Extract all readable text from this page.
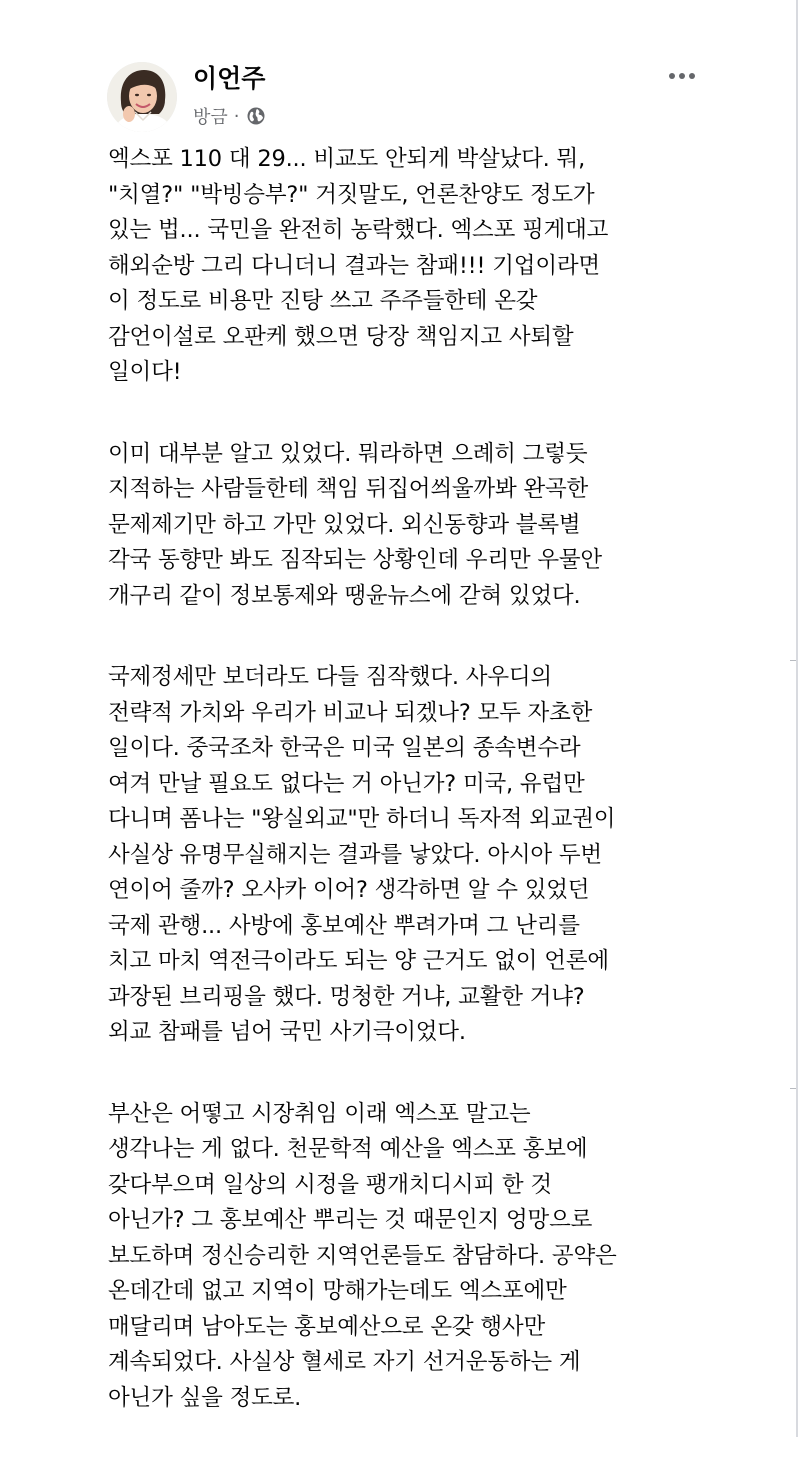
이언주
방금 ·
엑스포 110 대 29... 비교도 안되게 박살났다. 뭐,
"치열?" "박빙승부?" 거짓말도, 언론찬양도 정도가
있는 법... 국민을 완전히 농락했다. 엑스포 핑게대고
해외순방 그리 다니더니 결과는 참패!!! 기업이라면
이 정도로 비용만 진탕 쓰고 주주들한테 온갖
감언이설로 오판케 했으면 당장 책임지고 사퇴할
일이다!
이미 대부분 알고 있었다. 뭐라하면 으례히 그렇듯
지적하는 사람들한테 책임 뒤집어씌울까봐 완곡한
문제제기만 하고 가만 있었다. 외신동향과 블록별
각국 동향만 봐도 짐작되는 상황인데 우리만 우물안
개구리 같이 정보통제와 땡윤뉴스에 갇혀 있었다.
국제정세만 보더라도 다들 짐작했다. 사우디의
전략적 가치와 우리가 비교나 되겠나? 모두 자초한
일이다. 중국조차 한국은 미국 일본의 종속변수라
여겨 만날 필요도 없다는 거 아닌가? 미국, 유럽만
다니며 폼나는 "왕실외교"만 하더니 독자적 외교권이
사실상 유명무실해지는 결과를 낳았다. 아시아 두번
연이어 줄까? 오사카 이어? 생각하면 알 수 있었던
국제 관행... 사방에 홍보예산 뿌려가며 그 난리를
치고 마치 역전극이라도 되는 양 근거도 없이 언론에
과장된 브리핑을 했다. 멍청한 거냐, 교활한 거냐?
외교 참패를 넘어 국민 사기극이었다.
부산은 어떻고 시장취임 이래 엑스포 말고는
생각나는 게 없다. 천문학적 예산을 엑스포 홍보에
갖다부으며 일상의 시정을 팽개치디시피 한 것
아닌가? 그 홍보예산 뿌리는 것 때문인지 엉망으로
보도하며 정신승리한 지역언론들도 참담하다. 공약은
온데간데 없고 지역이 망해가는데도 엑스포에만
매달리며 남아도는 홍보예산으로 온갖 행사만
계속되었다. 사실상 혈세로 자기 선거운동하는 게
아닌가 싶을 정도로.
